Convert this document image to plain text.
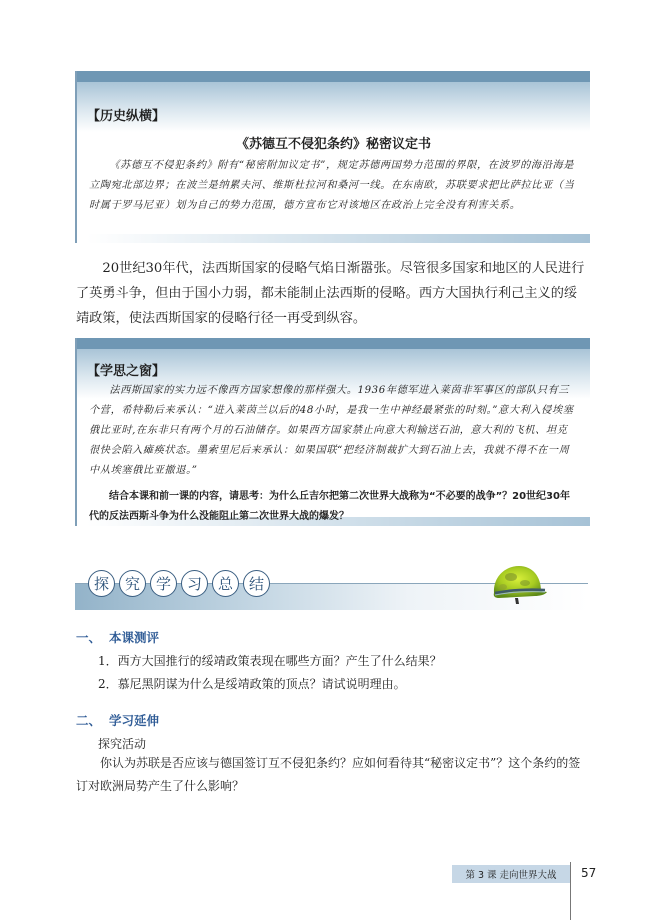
【历史纵横】
《苏德互不侵犯条约》秘密议定书

《苏德互不侵犯条约》附有“秘密附加议定书”，规定苏德两国势力范围的界限，在波罗的海沿海是立陶宛北部边界；在波兰是纳累夫河、维斯杜拉河和桑河一线。在东南欧，苏联要求把比萨拉比亚（当时属于罗马尼亚）划为自己的势力范围，德方宣布它对该地区在政治上完全没有利害关系。

20世纪30年代，法西斯国家的侵略气焰日渐嚣张。尽管很多国家和地区的人民进行了英勇斗争，但由于国小力弱，都未能制止法西斯的侵略。西方大国执行利己主义的绥靖政策，使法西斯国家的侵略行径一再受到纵容。

【学思之窗】

法西斯国家的实力远不像西方国家想像的那样强大。1936年德军进入莱茵非军事区的部队只有三个营，希特勒后来承认：“进入莱茵兰以后的48小时，是我一生中神经最紧张的时刻。”意大利入侵埃塞俄比亚时,在东非只有两个月的石油储存。如果西方国家禁止向意大利输送石油，意大利的飞机、坦克很快会陷入瘫痪状态。墨索里尼后来承认：如果国联“把经济制裁扩大到石油上去，我就不得不在一周中从埃塞俄比亚撤退。”

结合本课和前一课的内容，请思考：为什么丘吉尔把第二次世界大战称为“不必要的战争”？20世纪30年代的反法西斯斗争为什么没能阻止第二次世界大战的爆发？

探	究	学	习	总	结
一、 本课测评
1．西方大国推行的绥靖政策表现在哪些方面？产生了什么结果？
2．慕尼黑阴谋为什么是绥靖政策的顶点？请试说明理由。
二、 学习延伸
探究活动

你认为苏联是否应该与德国签订互不侵犯条约？应如何看待其“秘密议定书”？这个条约的签订对欧洲局势产生了什么影响？

第 3 课 走向世界大战	57
